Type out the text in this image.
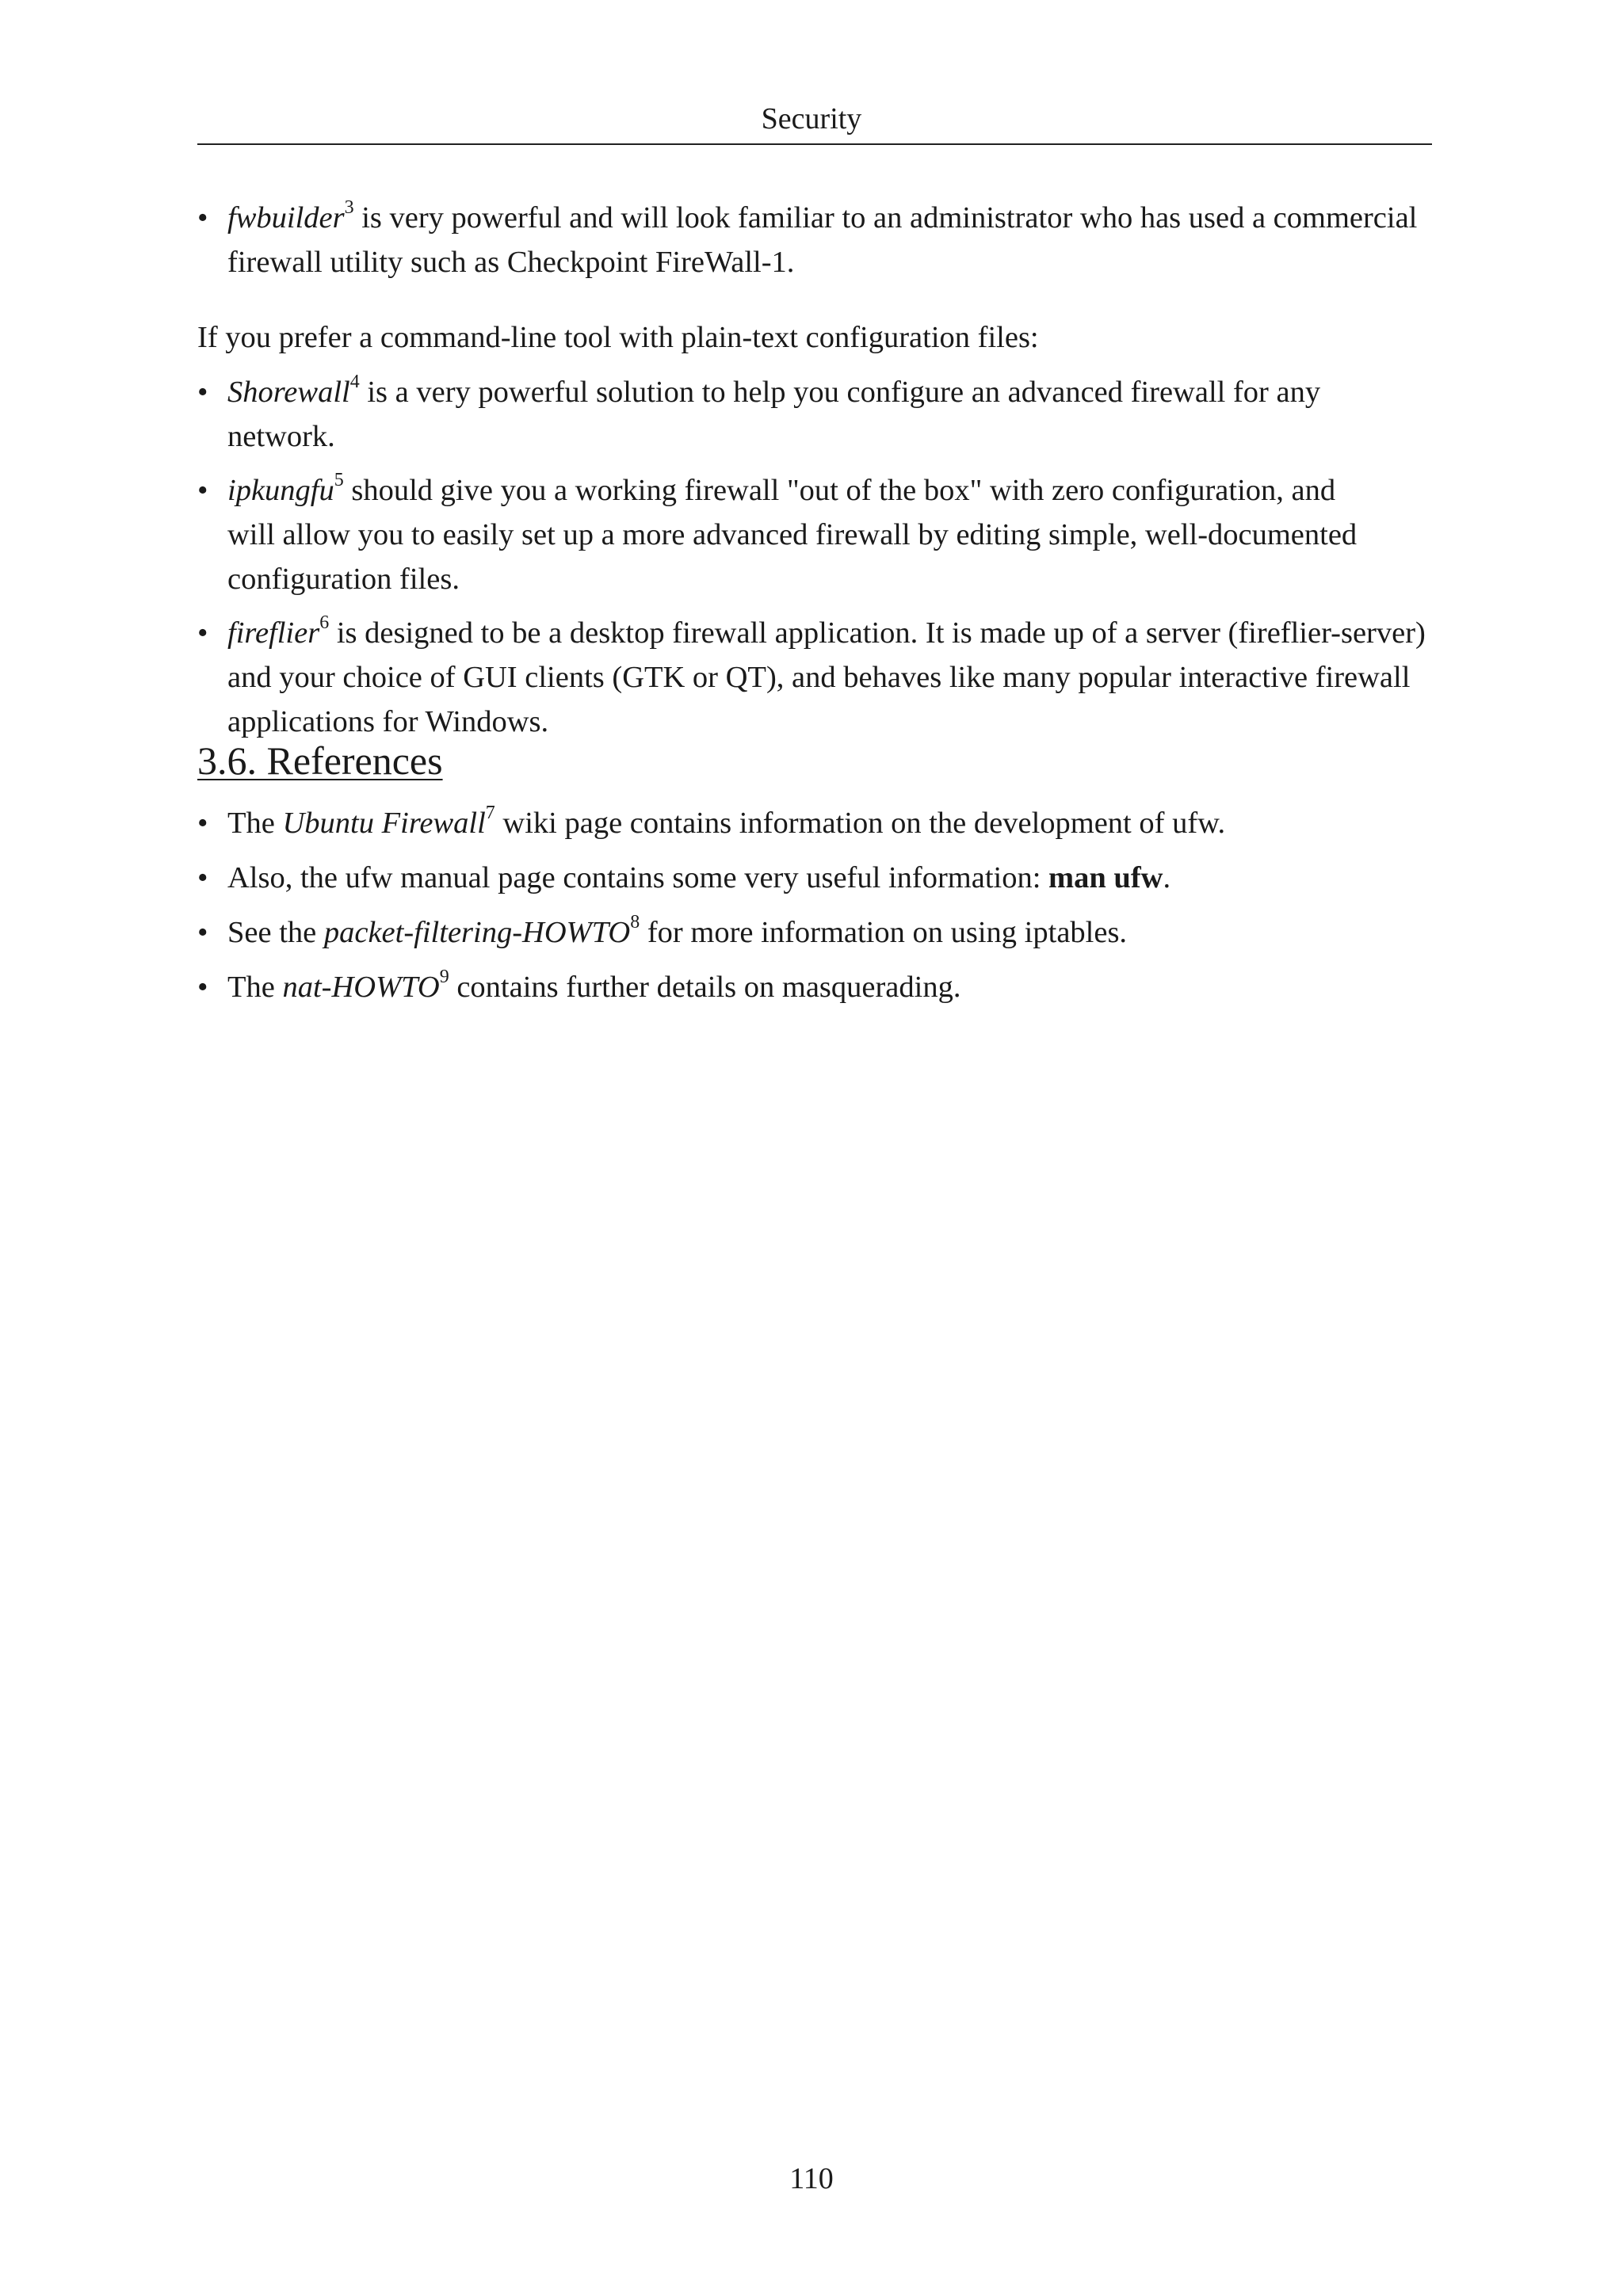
Security
• fwbuilder$^3$ is very powerful and will look familiar to an administrator who has used a commercial
firewall utility such as Checkpoint FireWall-1.

If you prefer a command-line tool with plain-text configuration files:

• Shorewall$^4$ is a very powerful solution to help you configure an advanced firewall for any network.
• ipkungfu$^5$ should give you a working firewall "out of the box" with zero configuration, and
will allow you to easily set up a more advanced firewall by editing simple, well-documented
configuration files.
• fireflier$^6$ is designed to be a desktop firewall application. It is made up of a server (fireflier-server)
and your choice of GUI clients (GTK or QT), and behaves like many popular interactive firewall
applications for Windows.
3.6. References
• The Ubuntu Firewall$^7$ wiki page contains information on the development of ufw.
• Also, the ufw manual page contains some very useful information: man ufw.
• See the packet-filtering-HOWTO$^8$ for more information on using iptables.
• The nat-HOWTO$^9$ contains further details on masquerading.
110
